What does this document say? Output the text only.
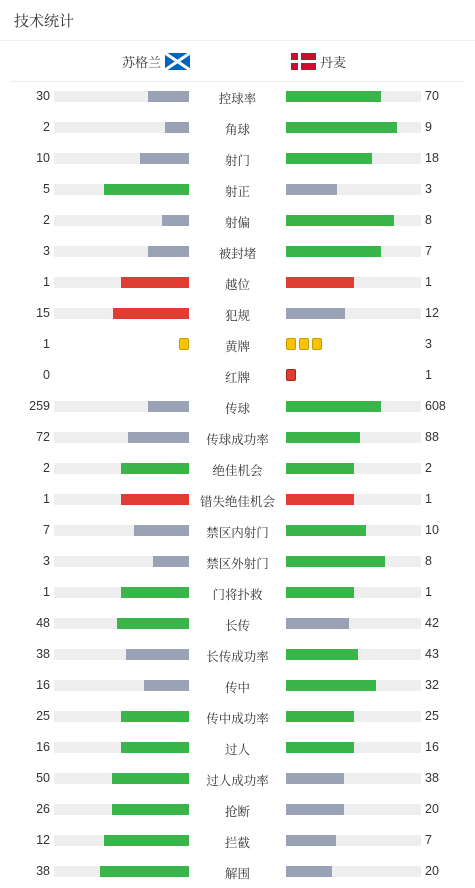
技术统计
苏格兰	丹麦
30	控球率	70
2	角球	9
10	射门	18
5	射正	3
2	射偏	8
3	被封堵	7
1	越位	1
15	犯规	12
1	黄牌	3
0	红牌	1
259	传球	608
72	传球成功率	88
2	绝佳机会	2
1	错失绝佳机会	1
7	禁区内射门	10
3	禁区外射门	8
1	门将扑救	1
48	长传	42
38	长传成功率	43
16	传中	32
25	传中成功率	25
16	过人	16
50	过人成功率	38
26	抢断	20
12	拦截	7
38	解围	20
